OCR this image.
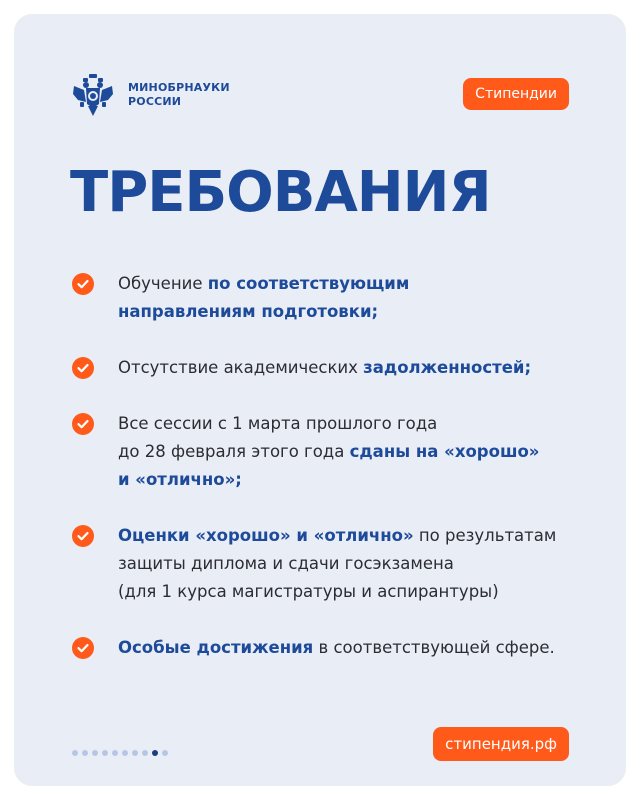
МИНОБРНАУКИ
РОССИИ	Стипендии
ТРЕБОВАНИЯ
Обучение по соответствующим
направлениям подготовки;
Отсутствие академических задолженностей;
Все сессии с 1 марта прошлого года
до 28 февраля этого года сданы на «хорошо»
и «отлично»;
Оценки «хорошо» и «отлично» по результатам
защиты диплома и сдачи госэкзамена
(для 1 курса магистратуры и аспирантуры)
Особые достижения в соответствующей сфере.
стипендия.рф
